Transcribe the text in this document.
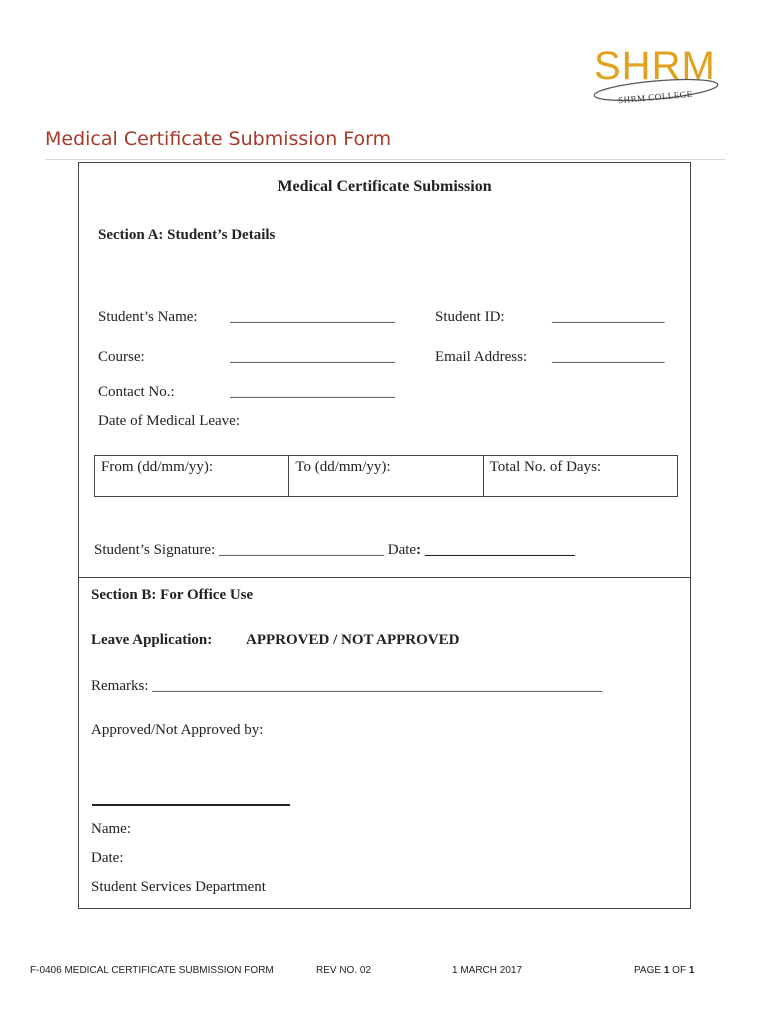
SHRM
SHRM COLLEGE
Medical Certificate Submission Form
Medical Certificate Submission
Section A: Student’s Details
Student’s Name: ______________________	Student ID:	_______________
Course:	______________________	Email Address: _______________
Contact No.:	______________________
Date of Medical Leave:
From (dd/mm/yy):	To (dd/mm/yy):	Total No. of Days:
Student’s Signature: ______________________ Date: ____________________
Section B: For Office Use
Leave Application: APPROVED / NOT APPROVED
Remarks: ____________________________________________________________
Approved/Not Approved by:
Name:
Date:
Student Services Department
F-0406 MEDICAL CERTIFICATE SUBMISSION FORM	REV NO. 02	1 MARCH 2017	PAGE 1 OF 1
